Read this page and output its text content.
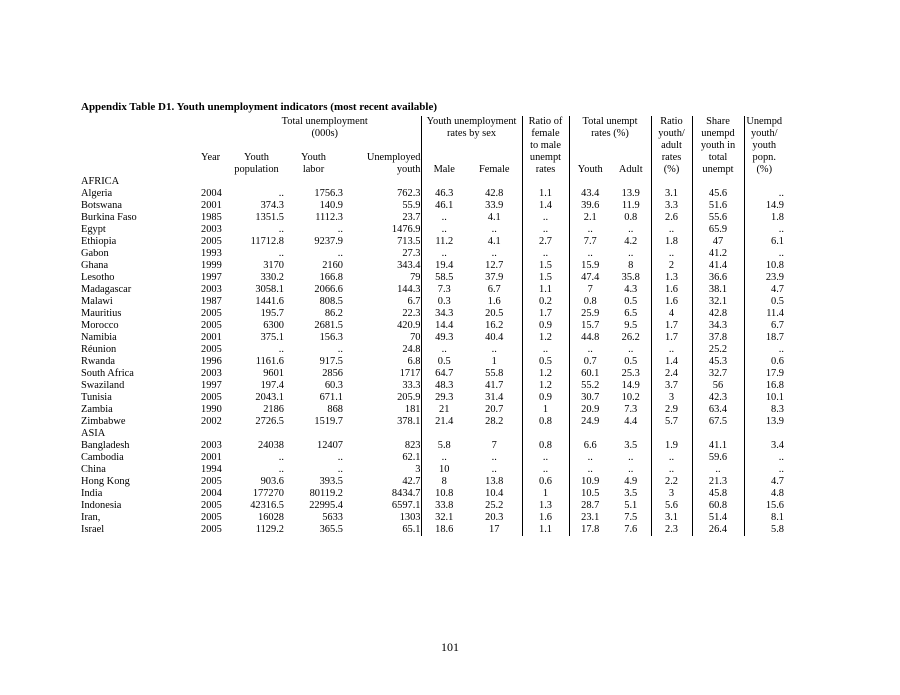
Appendix Table D1. Youth unemployment indicators (most recent available)
		Total unemployment			Youth unemployment		Ratio of	Total unempt		Ratio	Share	Unempd
		(000s)			rates by sex		female	rates (%)		youth/	unempd	youth/
							to male			adult	youth in	youth
	Year	Youth	Youth	Unemployed			unempt			rates	total	popn.
		population	labor	youth	Male	Female	rates	Youth	Adult	(%)	unempt	(%)
AFRICA												
Algeria	2004	..	1756.3	762.3	46.3	42.8	1.1	43.4	13.9	3.1	45.6	..
Botswana	2001	374.3	140.9	55.9	46.1	33.9	1.4	39.6	11.9	3.3	51.6	14.9
Burkina Faso	1985	1351.5	1112.3	23.7	..	4.1	..	2.1	0.8	2.6	55.6	1.8
Egypt	2003	..	..	1476.9	..	..	..	..	..	..	65.9	..
Ethiopia	2005	11712.8	9237.9	713.5	11.2	4.1	2.7	7.7	4.2	1.8	47	6.1
Gabon	1993	..	..	27.3	..	..	..	..	..	..	41.2	..
Ghana	1999	3170	2160	343.4	19.4	12.7	1.5	15.9	8	2	41.4	10.8
Lesotho	1997	330.2	166.8	79	58.5	37.9	1.5	47.4	35.8	1.3	36.6	23.9
Madagascar	2003	3058.1	2066.6	144.3	7.3	6.7	1.1	7	4.3	1.6	38.1	4.7
Malawi	1987	1441.6	808.5	6.7	0.3	1.6	0.2	0.8	0.5	1.6	32.1	0.5
Mauritius	2005	195.7	86.2	22.3	34.3	20.5	1.7	25.9	6.5	4	42.8	11.4
Morocco	2005	6300	2681.5	420.9	14.4	16.2	0.9	15.7	9.5	1.7	34.3	6.7
Namibia	2001	375.1	156.3	70	49.3	40.4	1.2	44.8	26.2	1.7	37.8	18.7
Réunion	2005	..	..	24.8	..	..	..	..	..	..	25.2	..
Rwanda	1996	1161.6	917.5	6.8	0.5	1	0.5	0.7	0.5	1.4	45.3	0.6
South Africa	2003	9601	2856	1717	64.7	55.8	1.2	60.1	25.3	2.4	32.7	17.9
Swaziland	1997	197.4	60.3	33.3	48.3	41.7	1.2	55.2	14.9	3.7	56	16.8
Tunisia	2005	2043.1	671.1	205.9	29.3	31.4	0.9	30.7	10.2	3	42.3	10.1
Zambia	1990	2186	868	181	21	20.7	1	20.9	7.3	2.9	63.4	8.3
Zimbabwe	2002	2726.5	1519.7	378.1	21.4	28.2	0.8	24.9	4.4	5.7	67.5	13.9
ASIA												
Bangladesh	2003	24038	12407	823	5.8	7	0.8	6.6	3.5	1.9	41.1	3.4
Cambodia	2001	..	..	62.1	..	..	..	..	..	..	59.6	..
China	1994	..	..	3	10	..	..	..	..	..	..	..
Hong Kong	2005	903.6	393.5	42.7	8	13.8	0.6	10.9	4.9	2.2	21.3	4.7
India	2004	177270	80119.2	8434.7	10.8	10.4	1	10.5	3.5	3	45.8	4.8
Indonesia	2005	42316.5	22995.4	6597.1	33.8	25.2	1.3	28.7	5.1	5.6	60.8	15.6
Iran,	2005	16028	5633	1303	32.1	20.3	1.6	23.1	7.5	3.1	51.4	8.1
Israel	2005	1129.2	365.5	65.1	18.6	17	1.1	17.8	7.6	2.3	26.4	5.8
101
